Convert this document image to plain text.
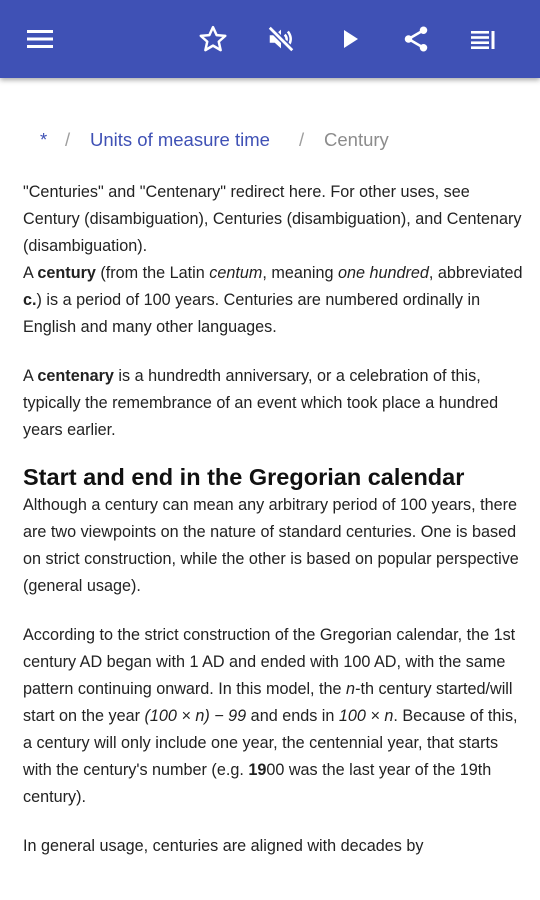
* / Units of measure time / Century

"Centuries" and "Centenary" redirect here. For other uses, see Century (disambiguation), Centuries (disambiguation), and Centenary (disambiguation).

A century (from the Latin centum, meaning one hundred, abbreviated c.) is a period of 100 years. Centuries are numbered ordinally in English and many other languages.

A centenary is a hundredth anniversary, or a celebration of this, typically the remembrance of an event which took place a hundred years earlier.

Start and end in the Gregorian calendar

Although a century can mean any arbitrary period of 100 years, there are two viewpoints on the nature of standard centuries. One is based on strict construction, while the other is based on popular perspective (general usage).

According to the strict construction of the Gregorian calendar, the 1st century AD began with 1 AD and ended with 100 AD, with the same pattern continuing onward. In this model, the n-th century started/will start on the year (100 × n) − 99 and ends in 100 × n. Because of this, a century will only include one year, the centennial year, that starts with the century's number (e.g. 1900 was the last year of the 19th century).

In general usage, centuries are aligned with decades by
